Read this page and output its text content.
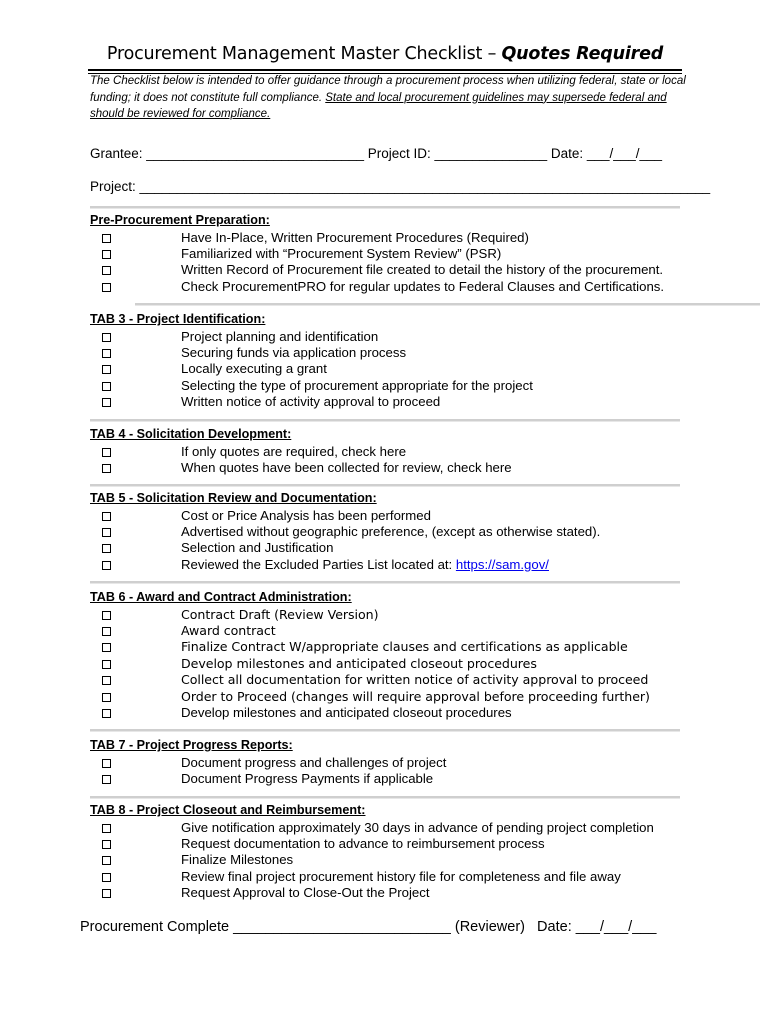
Procurement Management Master Checklist – Quotes Required
The Checklist below is intended to offer guidance through a procurement process when utilizing federal, state or local funding; it does not constitute full compliance. State and local procurement guidelines may supersede federal and should be reviewed for compliance.
Grantee: _____________________________ Project ID: _______________ Date: ___/___/___
Project: ____________________________________________________________________________
Pre-Procurement Preparation:
Have In-Place, Written Procurement Procedures (Required)
Familiarized with “Procurement System Review” (PSR)
Written Record of Procurement file created to detail the history of the procurement.
Check ProcurementPRO for regular updates to Federal Clauses and Certifications.
TAB 3 - Project Identification:
Project planning and identification
Securing funds via application process
Locally executing a grant
Selecting the type of procurement appropriate for the project
Written notice of activity approval to proceed
TAB 4 - Solicitation Development:
If only quotes are required, check here
When quotes have been collected for review, check here
TAB 5 - Solicitation Review and Documentation:
Cost or Price Analysis has been performed
Advertised without geographic preference, (except as otherwise stated).
Selection and Justification
Reviewed the Excluded Parties List located at: https://sam.gov/
TAB 6 - Award and Contract Administration:
Contract Draft (Review Version)
Award contract
Finalize Contract W/appropriate clauses and certifications as applicable
Develop milestones and anticipated closeout procedures
Collect all documentation for written notice of activity approval to proceed
Order to Proceed (changes will require approval before proceeding further)
Develop milestones and anticipated closeout procedures
TAB 7 - Project Progress Reports:
Document progress and challenges of project
Document Progress Payments if applicable
TAB 8 - Project Closeout and Reimbursement:
Give notification approximately 30 days in advance of pending project completion
Request documentation to advance to reimbursement process
Finalize Milestones
Review final project procurement history file for completeness and file away
Request Approval to Close-Out the Project
Procurement Complete ___________________________ (Reviewer)   Date: ___/___/___
